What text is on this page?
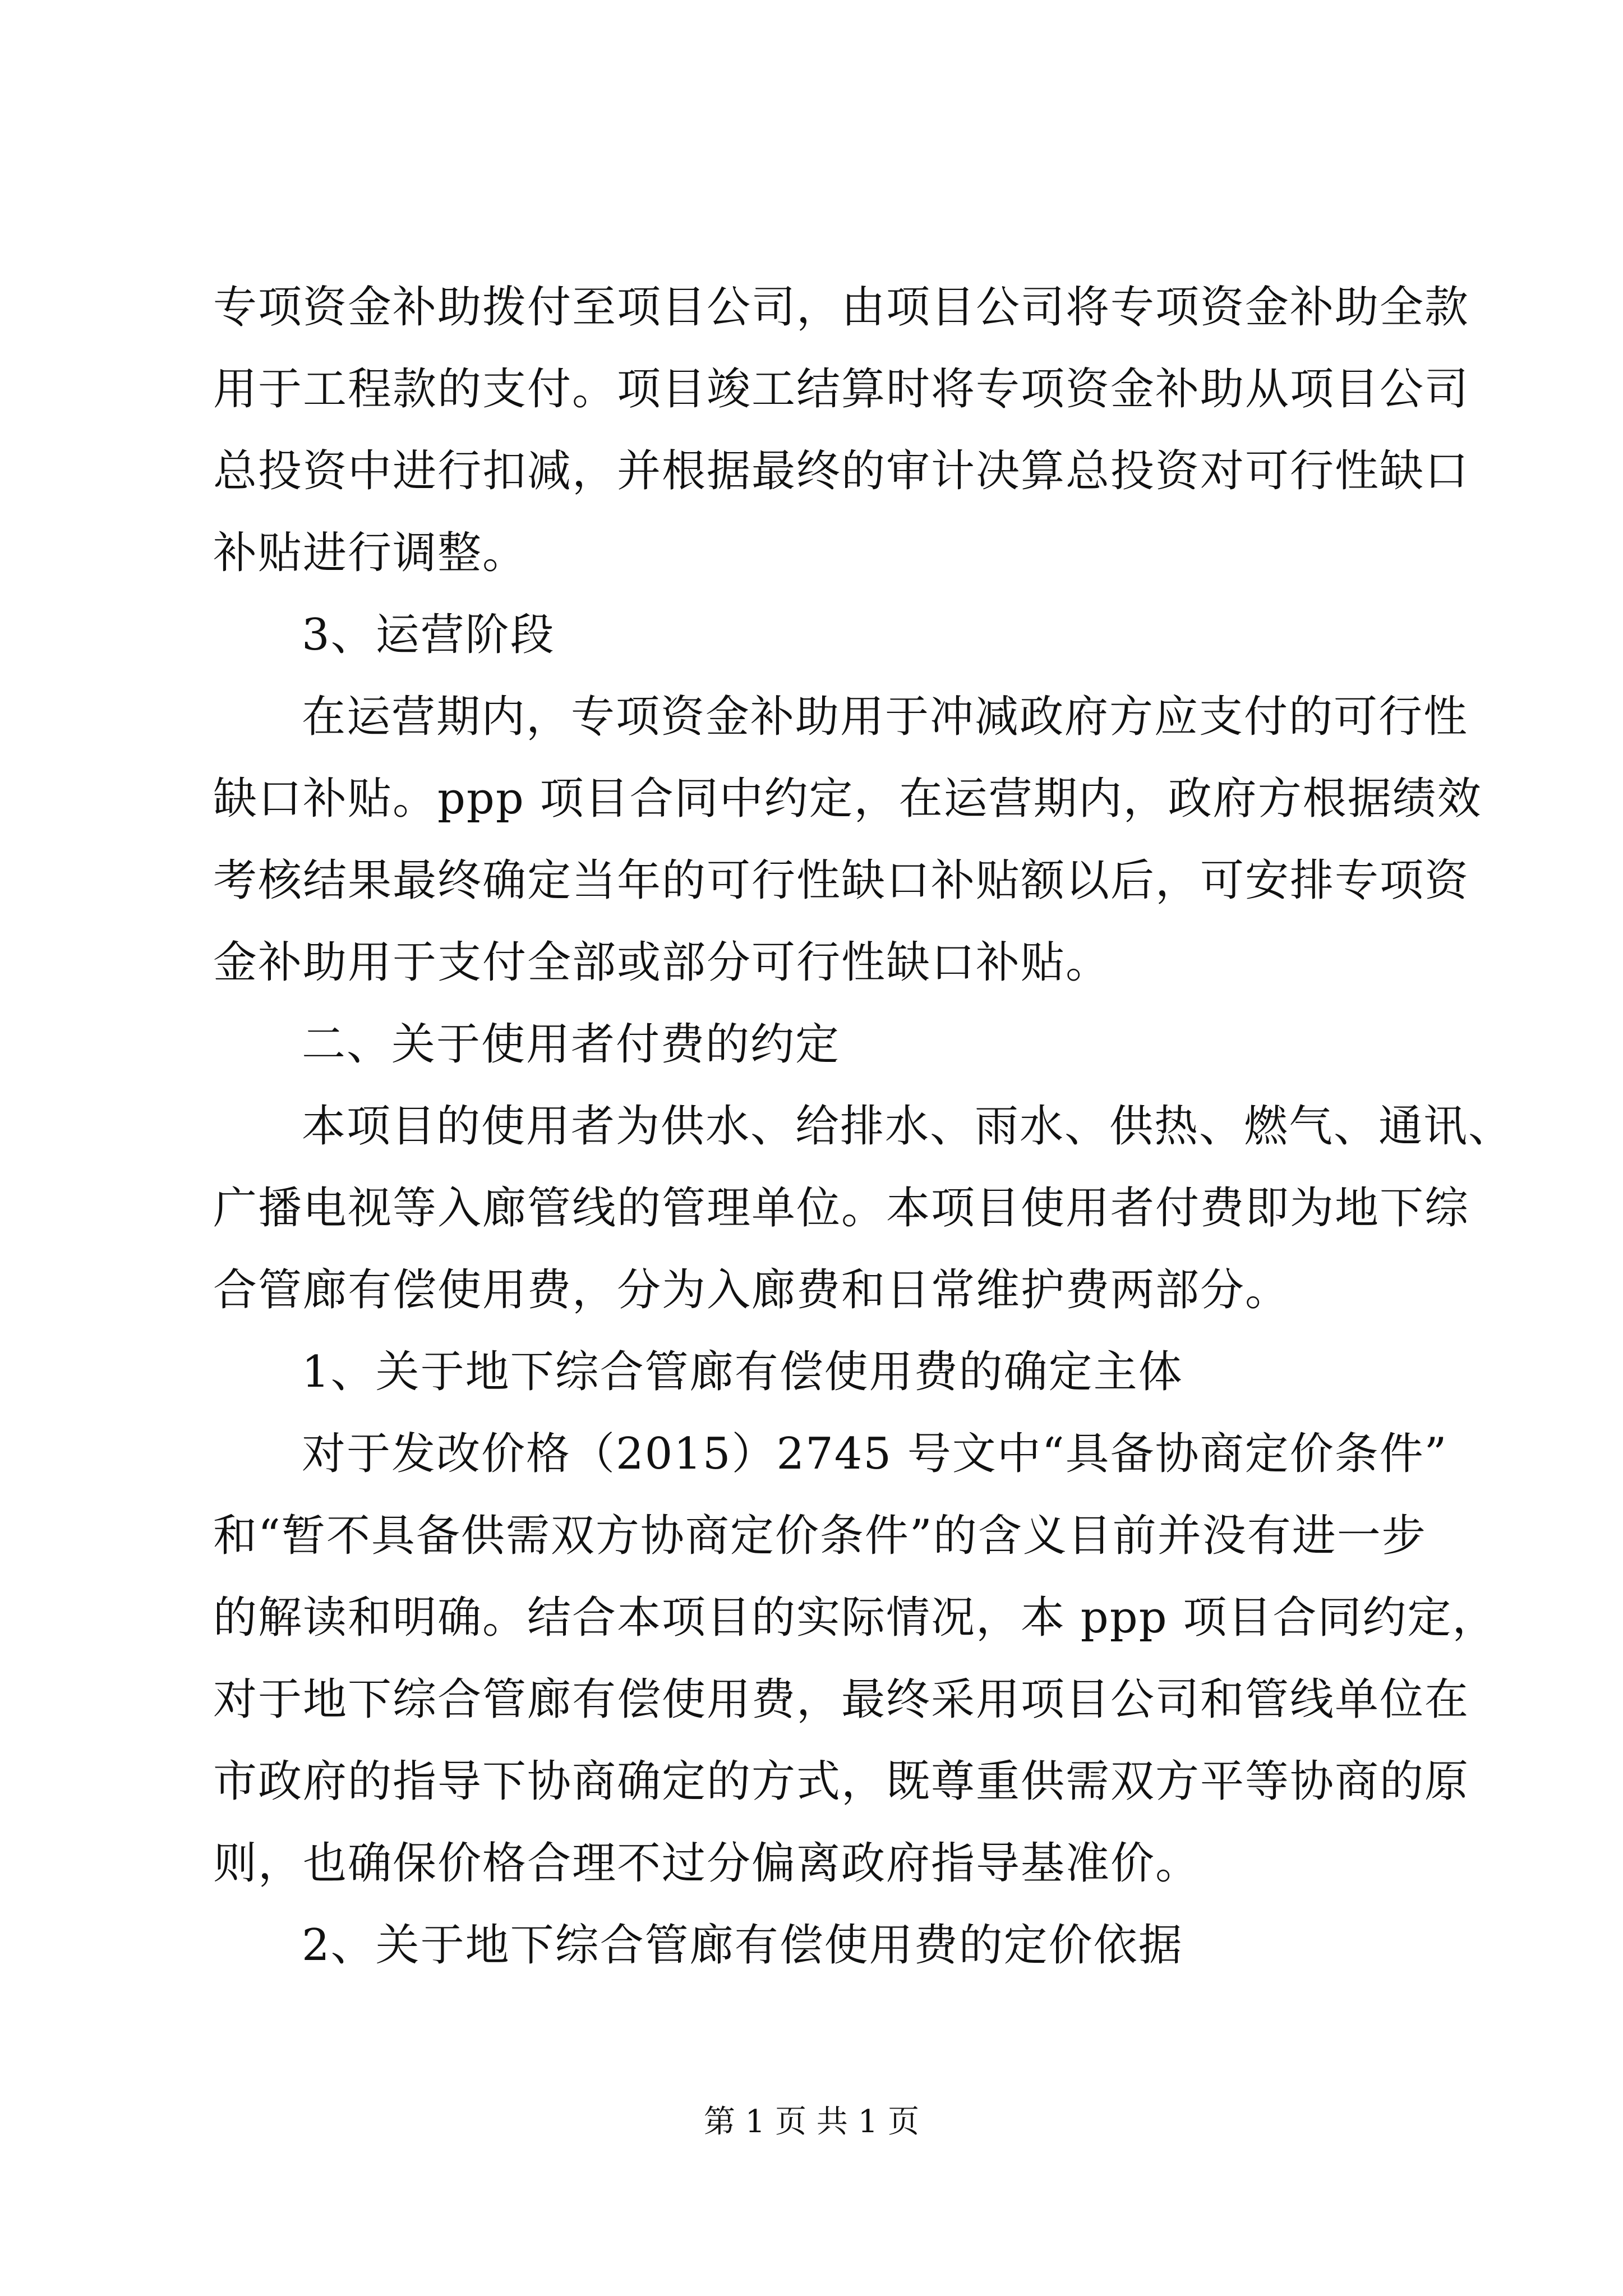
专项资金补助拨付至项目公司，由项目公司将专项资金补助全款
用于工程款的支付。项目竣工结算时将专项资金补助从项目公司
总投资中进行扣减，并根据最终的审计决算总投资对可行性缺口
补贴进行调整。
3、运营阶段
在运营期内，专项资金补助用于冲减政府方应支付的可行性
缺口补贴。ppp 项目合同中约定，在运营期内，政府方根据绩效
考核结果最终确定当年的可行性缺口补贴额以后，可安排专项资
金补助用于支付全部或部分可行性缺口补贴。
二、关于使用者付费的约定
本项目的使用者为供水、给排水、雨水、供热、燃气、通讯、
广播电视等入廊管线的管理单位。本项目使用者付费即为地下综
合管廊有偿使用费，分为入廊费和日常维护费两部分。
1、关于地下综合管廊有偿使用费的确定主体
对于发改价格（2015）2745 号文中“具备协商定价条件”
和“暂不具备供需双方协商定价条件”的含义目前并没有进一步
的解读和明确。结合本项目的实际情况，本 ppp 项目合同约定，
对于地下综合管廊有偿使用费，最终采用项目公司和管线单位在
市政府的指导下协商确定的方式，既尊重供需双方平等协商的原
则，也确保价格合理不过分偏离政府指导基准价。
2、关于地下综合管廊有偿使用费的定价依据
第 1 页 共 1 页
